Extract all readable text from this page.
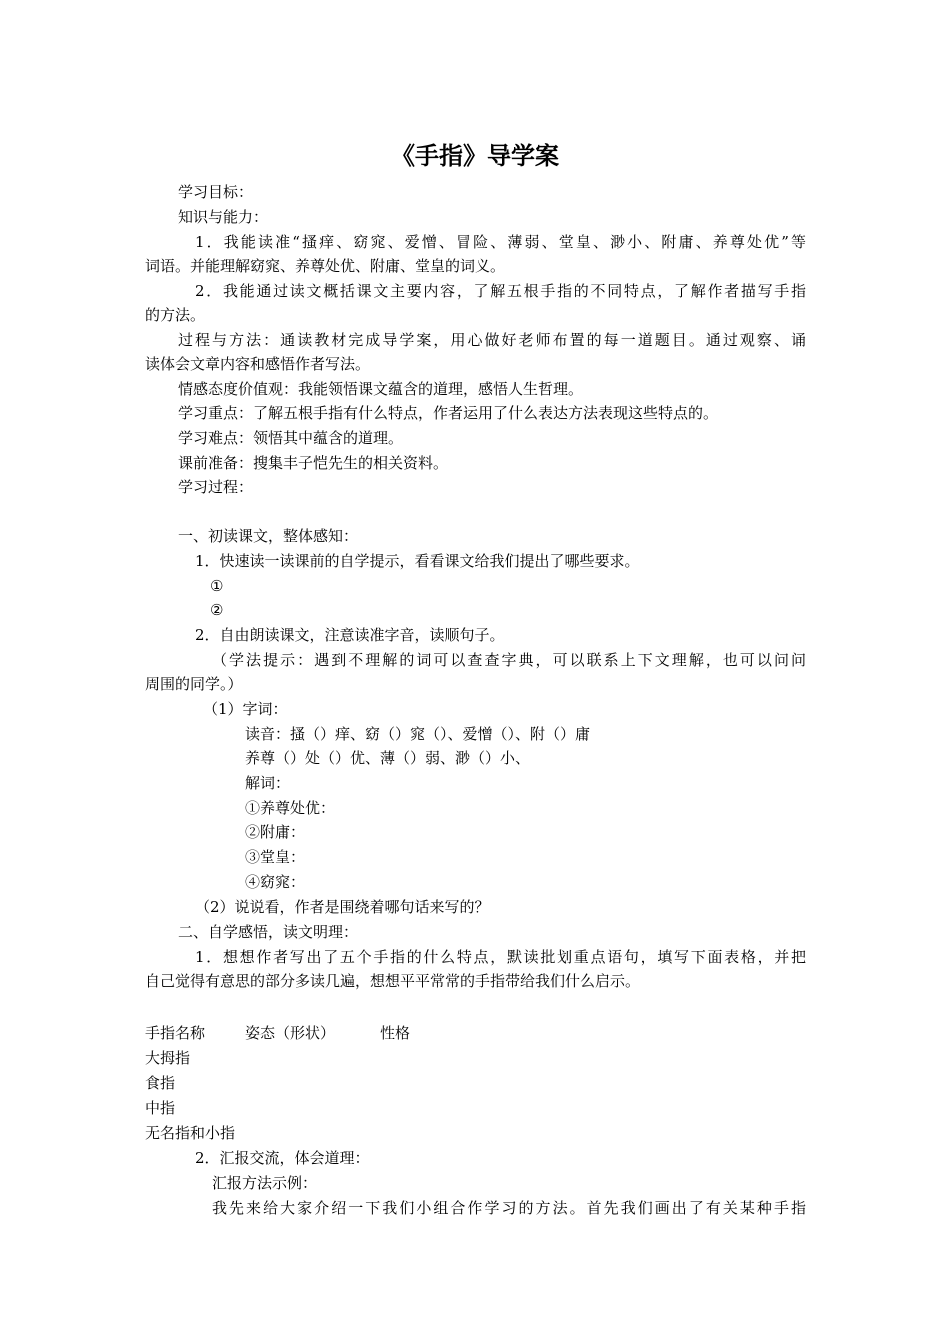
《手指》导学案
学习目标：
知识与能力：
1．我能读准“搔痒、窈窕、爱憎、冒险、薄弱、堂皇、渺小、附庸、养尊处优”等
词语。并能理解窈窕、养尊处优、附庸、堂皇的词义。
2．我能通过读文概括课文主要内容，了解五根手指的不同特点，了解作者描写手指
的方法。
过程与方法：通读教材完成导学案，用心做好老师布置的每一道题目。通过观察、诵
读体会文章内容和感悟作者写法。
情感态度价值观：我能领悟课文蕴含的道理，感悟人生哲理。
学习重点：了解五根手指有什么特点，作者运用了什么表达方法表现这些特点的。
学习难点：领悟其中蕴含的道理。
课前准备：搜集丰子恺先生的相关资料。
学习过程：
一、初读课文，整体感知：
1．快速读一读课前的自学提示，看看课文给我们提出了哪些要求。
①
②
2．自由朗读课文，注意读准字音，读顺句子。
（学法提示：遇到不理解的词可以查查字典，可以联系上下文理解，也可以问问
周围的同学。）
（1）字词：
读音：搔（）痒、窈（）窕（）、爱憎（）、附（）庸
养尊（）处（）优、薄（）弱、渺（）小、
解词：
①养尊处优：
②附庸：
③堂皇：
④窈窕：
（2）说说看，作者是围绕着哪句话来写的？
二、自学感悟，读文明理：
1．想想作者写出了五个手指的什么特点，默读批划重点语句，填写下面表格，并把
自己觉得有意思的部分多读几遍，想想平平常常的手指带给我们什么启示。
手指名称	姿态（形状）	性格
大拇指
食指
中指
无名指和小指
2．汇报交流，体会道理：
汇报方法示例：
我先来给大家介绍一下我们小组合作学习的方法。首先我们画出了有关某种手指
